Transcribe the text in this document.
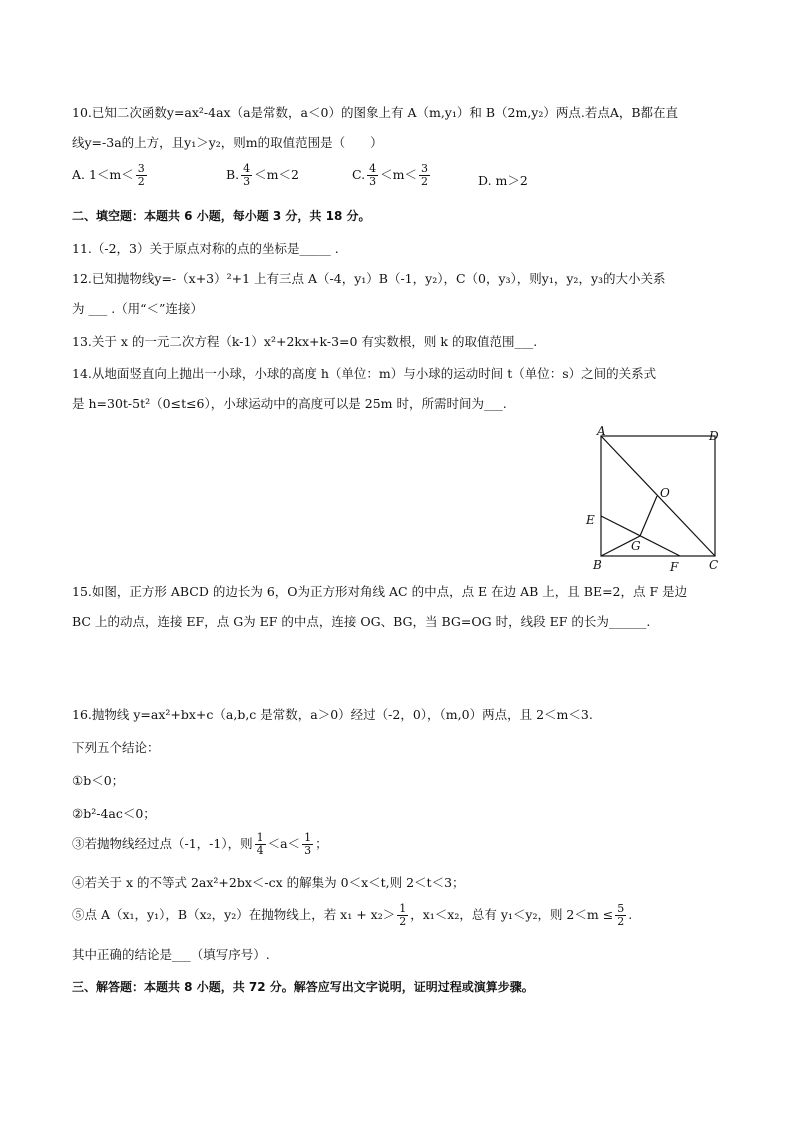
10.已知二次函数y=ax²-4ax（a是常数，a＜0）的图象上有 A（m,y₁）和 B（2m,y₂）两点.若点A，B都在直
线y=-3a的上方，且y₁＞y₂，则m的取值范围是（　　）
A. $1<m< \frac{3}{2}$	B. $\frac{4}{3} <m<2$	C. $\frac{4}{3} <m< \frac{3}{2}$	D. m＞2
二、填空题：本题共 6 小题，每小题 3 分，共 18 分。
11.（-2，3）关于原点对称的点的坐标是_____ .
12.已知抛物线y=-（x+3）²+1 上有三点 A（-4，y₁）B（-1，y₂），C（0，y₃），则y₁，y₂，y₃的大小关系
为 ___ .（用“＜”连接）
13.关于 x 的一元二次方程（k-1）x²+2kx+k-3=0 有实数根，则 k 的取值范围___.
14.从地面竖直向上抛出一小球，小球的高度 h（单位：m）与小球的运动时间 t（单位：s）之间的关系式
是 h=30t-5t²（0≤t≤6），小球运动中的高度可以是 25m 时，所需时间为___.
A	D
O
E
G
B	F	C
15.如图，正方形 ABCD 的边长为 6，O为正方形对角线 AC 的中点，点 E 在边 AB 上，且 BE=2，点 F 是边
BC 上的动点，连接 EF，点 G为 EF 的中点，连接 OG、BG，当 BG=OG 时，线段 EF 的长为______.
16.抛物线 y=ax²+bx+c（a,b,c 是常数，a＞0）经过（-2，0），（m,0）两点，且 2＜m＜3.
下列五个结论：
①b＜0；
②b²-4ac＜0；
③若抛物线经过点（-1，-1），则 $\frac{1}{4} <a< \frac{1}{3}$ ；
④若关于 x 的不等式 2ax²+2bx＜-cx 的解集为 0＜x＜t,则 2＜t＜3；
⑤点 A（x₁，y₁），B（x₂，y₂）在抛物线上，若 $x_1 + x_2> \frac{1}{2}$ ，x₁＜x₂，总有 y₁＜y₂，则 $2<m \le \frac{5}{2}$ .
其中正确的结论是___（填写序号）.
三、解答题：本题共 8 小题，共 72 分。解答应写出文字说明，证明过程或演算步骤。
